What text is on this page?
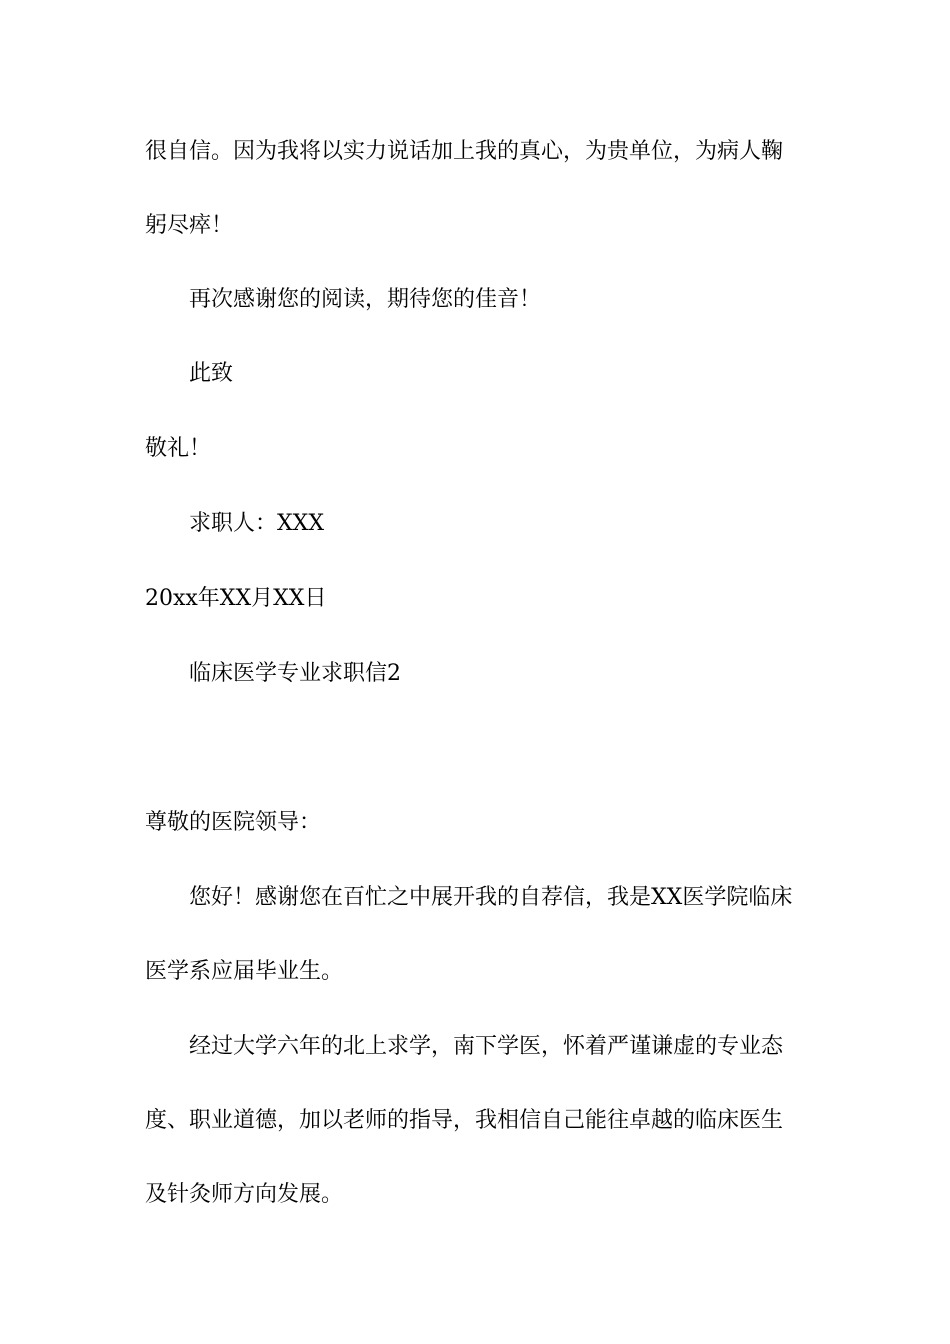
很自信。因为我将以实力说话加上我的真心，为贵单位，为病人鞠

躬尽瘁！

再次感谢您的阅读，期待您的佳音！

此致

敬礼！

求职人：XXX

20xx年XX月XX日

临床医学专业求职信2

尊敬的医院领导：

您好！感谢您在百忙之中展开我的自荐信，我是XX医学院临床

医学系应届毕业生。

经过大学六年的北上求学，南下学医，怀着严谨谦虚的专业态

度、职业道德，加以老师的指导，我相信自己能往卓越的临床医生

及针灸师方向发展。
